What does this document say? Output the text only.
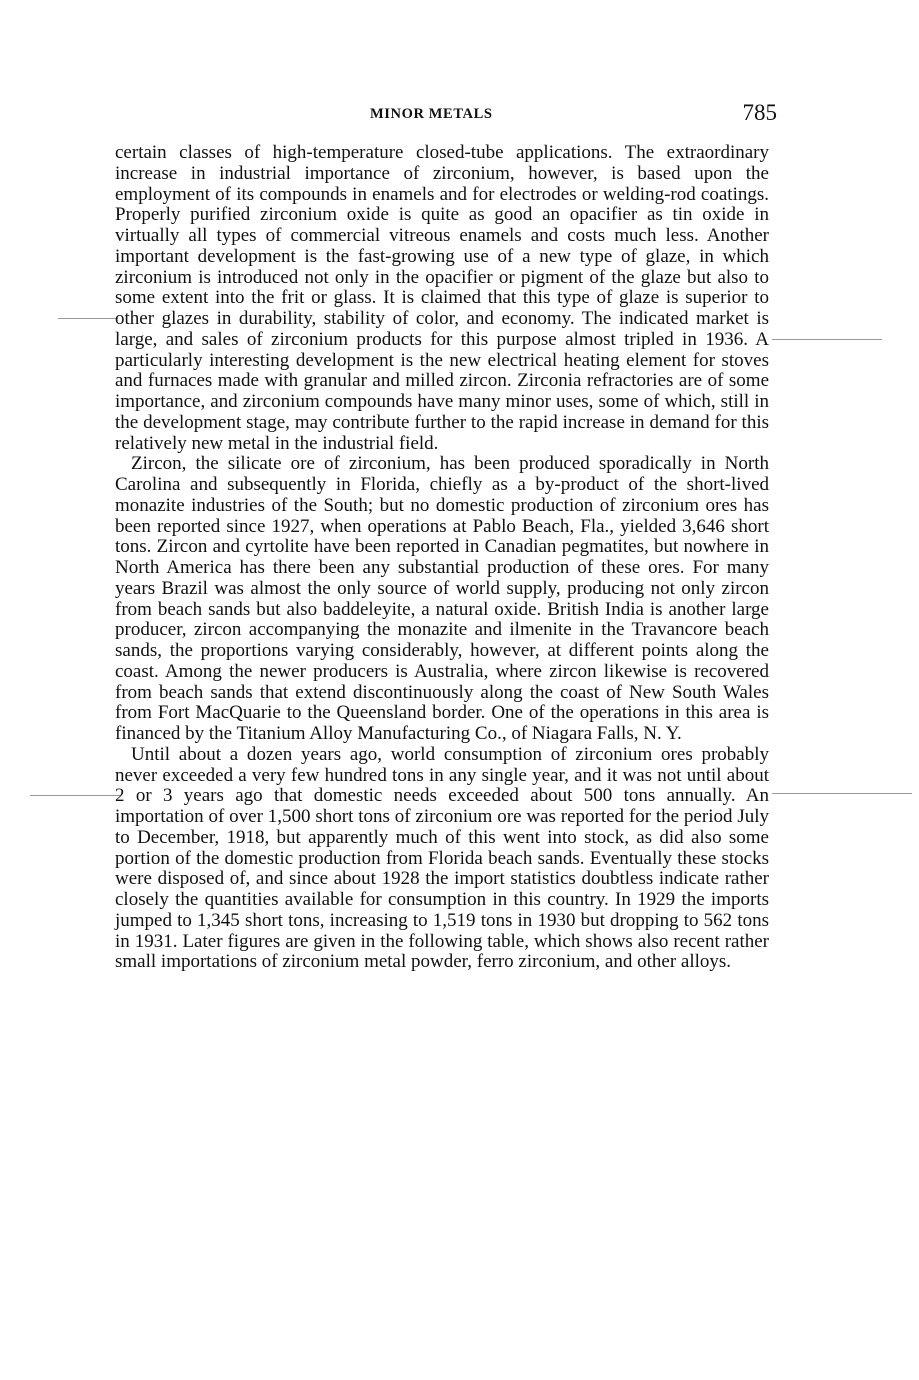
MINOR METALS	785

certain classes of high-temperature closed-tube applications. The extraordinary increase in industrial importance of zirconium, however, is based upon the employment of its compounds in enamels and for electrodes or welding-rod coatings. Properly purified zirconium oxide is quite as good an opacifier as tin oxide in virtually all types of commercial vitreous enamels and costs much less. Another important development is the fast-growing use of a new type of glaze, in which zirconium is introduced not only in the opacifier or pigment of the glaze but also to some extent into the frit or glass. It is claimed that this type of glaze is superior to other glazes in durability, stability of color, and economy. The indicated market is large, and sales of zirconium products for this purpose almost tripled in 1936. A particularly interesting development is the new electrical heating element for stoves and furnaces made with granular and milled zircon. Zirconia refractories are of some importance, and zirconium compounds have many minor uses, some of which, still in the development stage, may contribute further to the rapid increase in demand for this relatively new metal in the industrial field.

Zircon, the silicate ore of zirconium, has been produced sporadically in North Carolina and subsequently in Florida, chiefly as a by-product of the short-lived monazite industries of the South; but no domestic production of zirconium ores has been reported since 1927, when operations at Pablo Beach, Fla., yielded 3,646 short tons. Zircon and cyrtolite have been reported in Canadian pegmatites, but nowhere in North America has there been any substantial production of these ores. For many years Brazil was almost the only source of world supply, producing not only zircon from beach sands but also baddeleyite, a natural oxide. British India is another large producer, zircon accompanying the monazite and ilmenite in the Travancore beach sands, the proportions varying considerably, however, at different points along the coast. Among the newer producers is Australia, where zircon likewise is recovered from beach sands that extend discontinuously along the coast of New South Wales from Fort MacQuarie to the Queensland border. One of the operations in this area is financed by the Titanium Alloy Manufacturing Co., of Niagara Falls, N. Y.

Until about a dozen years ago, world consumption of zirconium ores probably never exceeded a very few hundred tons in any single year, and it was not until about 2 or 3 years ago that domestic needs exceeded about 500 tons annually. An importation of over 1,500 short tons of zirconium ore was reported for the period July to December, 1918, but apparently much of this went into stock, as did also some portion of the domestic production from Florida beach sands. Eventually these stocks were disposed of, and since about 1928 the import statistics doubtless indicate rather closely the quantities available for consumption in this country. In 1929 the imports jumped to 1,345 short tons, increasing to 1,519 tons in 1930 but dropping to 562 tons in 1931. Later figures are given in the following table, which shows also recent rather small importations of zirconium metal powder, ferro zirconium, and other alloys.
